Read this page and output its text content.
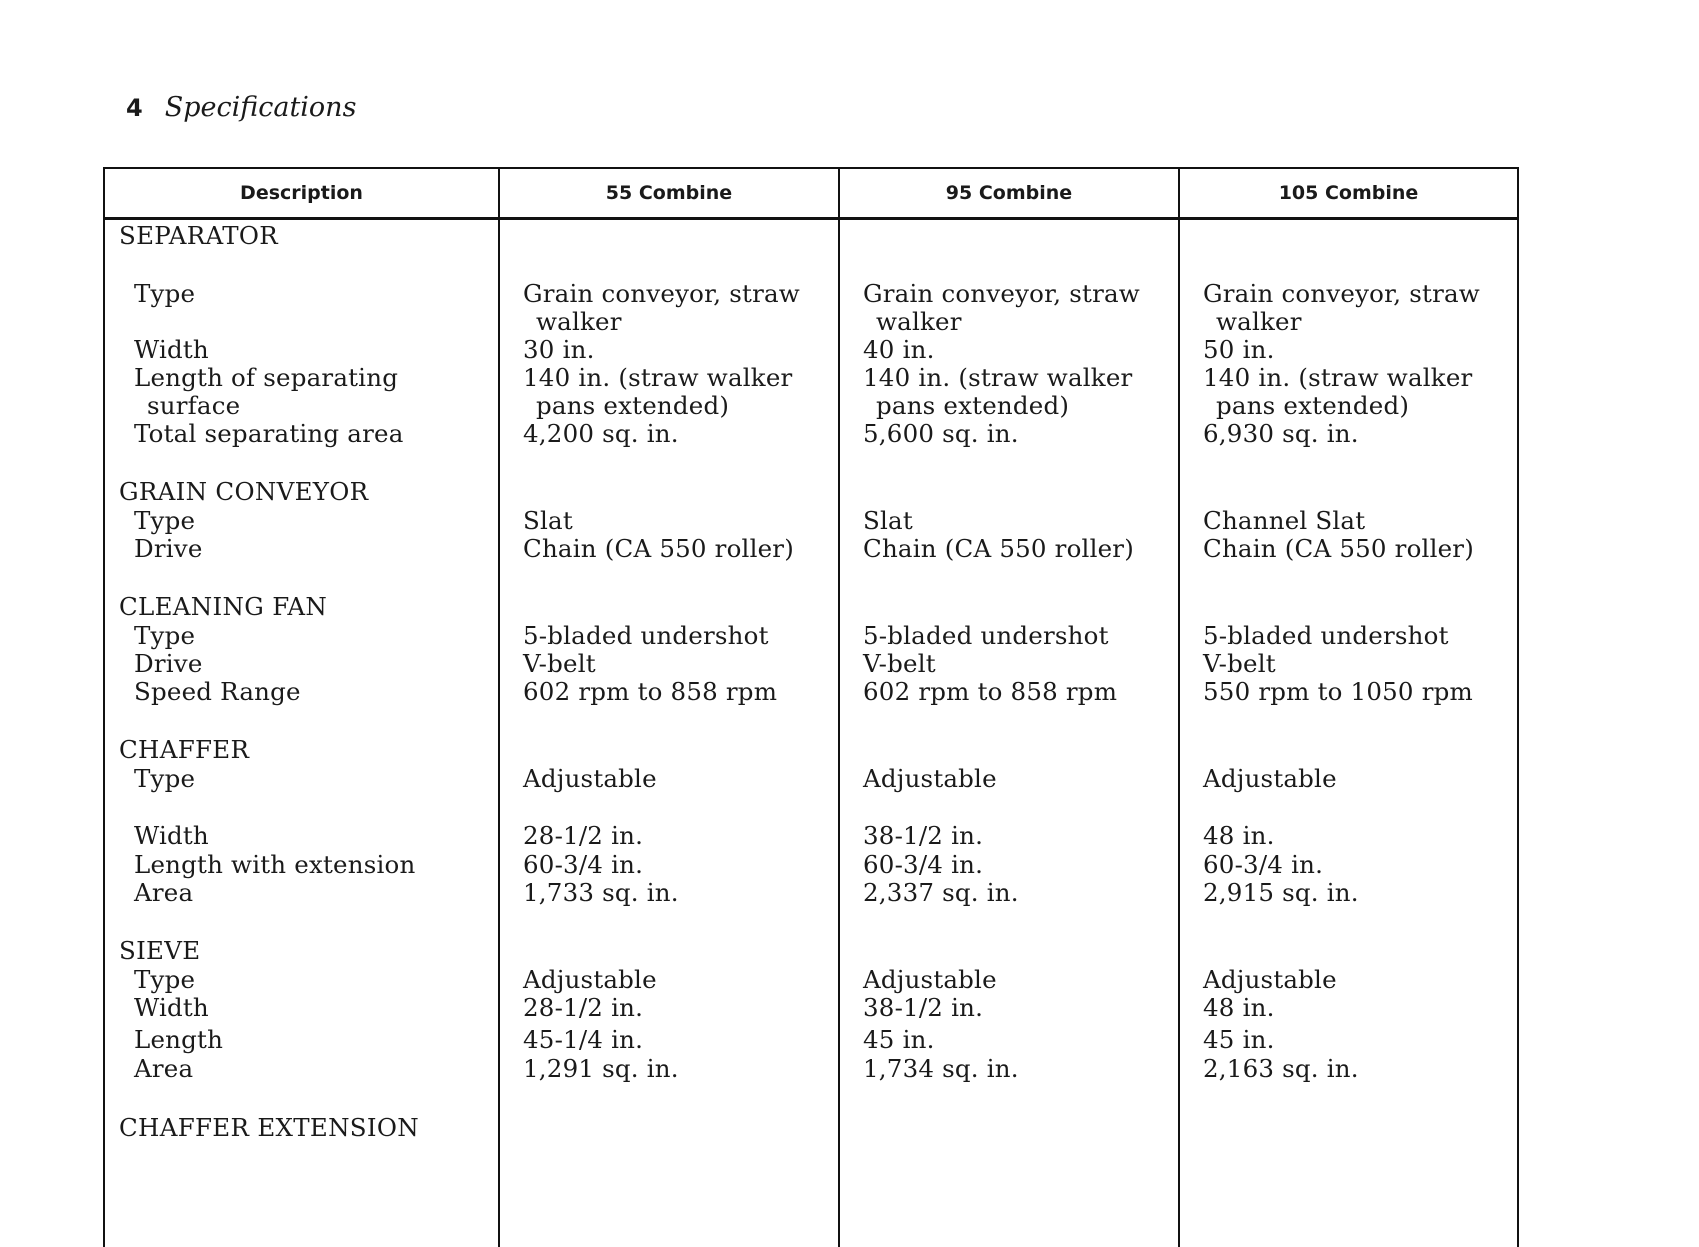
4 Specifications
Description	55 Combine	95 Combine	105 Combine
SEPARATOR
Type	Grain conveyor, straw	Grain conveyor, straw	Grain conveyor, straw
walker	walker	walker
Width	30 in.	40 in.	50 in.
Length of separating	140 in. (straw walker	140 in. (straw walker	140 in. (straw walker
surface	pans extended)	pans extended)	pans extended)
Total separating area	4,200 sq. in.	5,600 sq. in.	6,930 sq. in.
GRAIN CONVEYOR
Type	Slat	Slat	Channel Slat
Drive	Chain (CA 550 roller)	Chain (CA 550 roller)	Chain (CA 550 roller)
CLEANING FAN
Type	5-bladed undershot	5-bladed undershot	5-bladed undershot
Drive	V-belt	V-belt	V-belt
Speed Range	602 rpm to 858 rpm	602 rpm to 858 rpm	550 rpm to 1050 rpm
CHAFFER
Type	Adjustable	Adjustable	Adjustable
Width	28-1/2 in.	38-1/2 in.	48 in.
Length with extension	60-3/4 in.	60-3/4 in.	60-3/4 in.
Area	1,733 sq. in.	2,337 sq. in.	2,915 sq. in.
SIEVE
Type	Adjustable	Adjustable	Adjustable
Width	28-1/2 in.	38-1/2 in.	48 in.
Length	45-1/4 in.	45 in.	45 in.
Area	1,291 sq. in.	1,734 sq. in.	2,163 sq. in.
CHAFFER EXTENSION
